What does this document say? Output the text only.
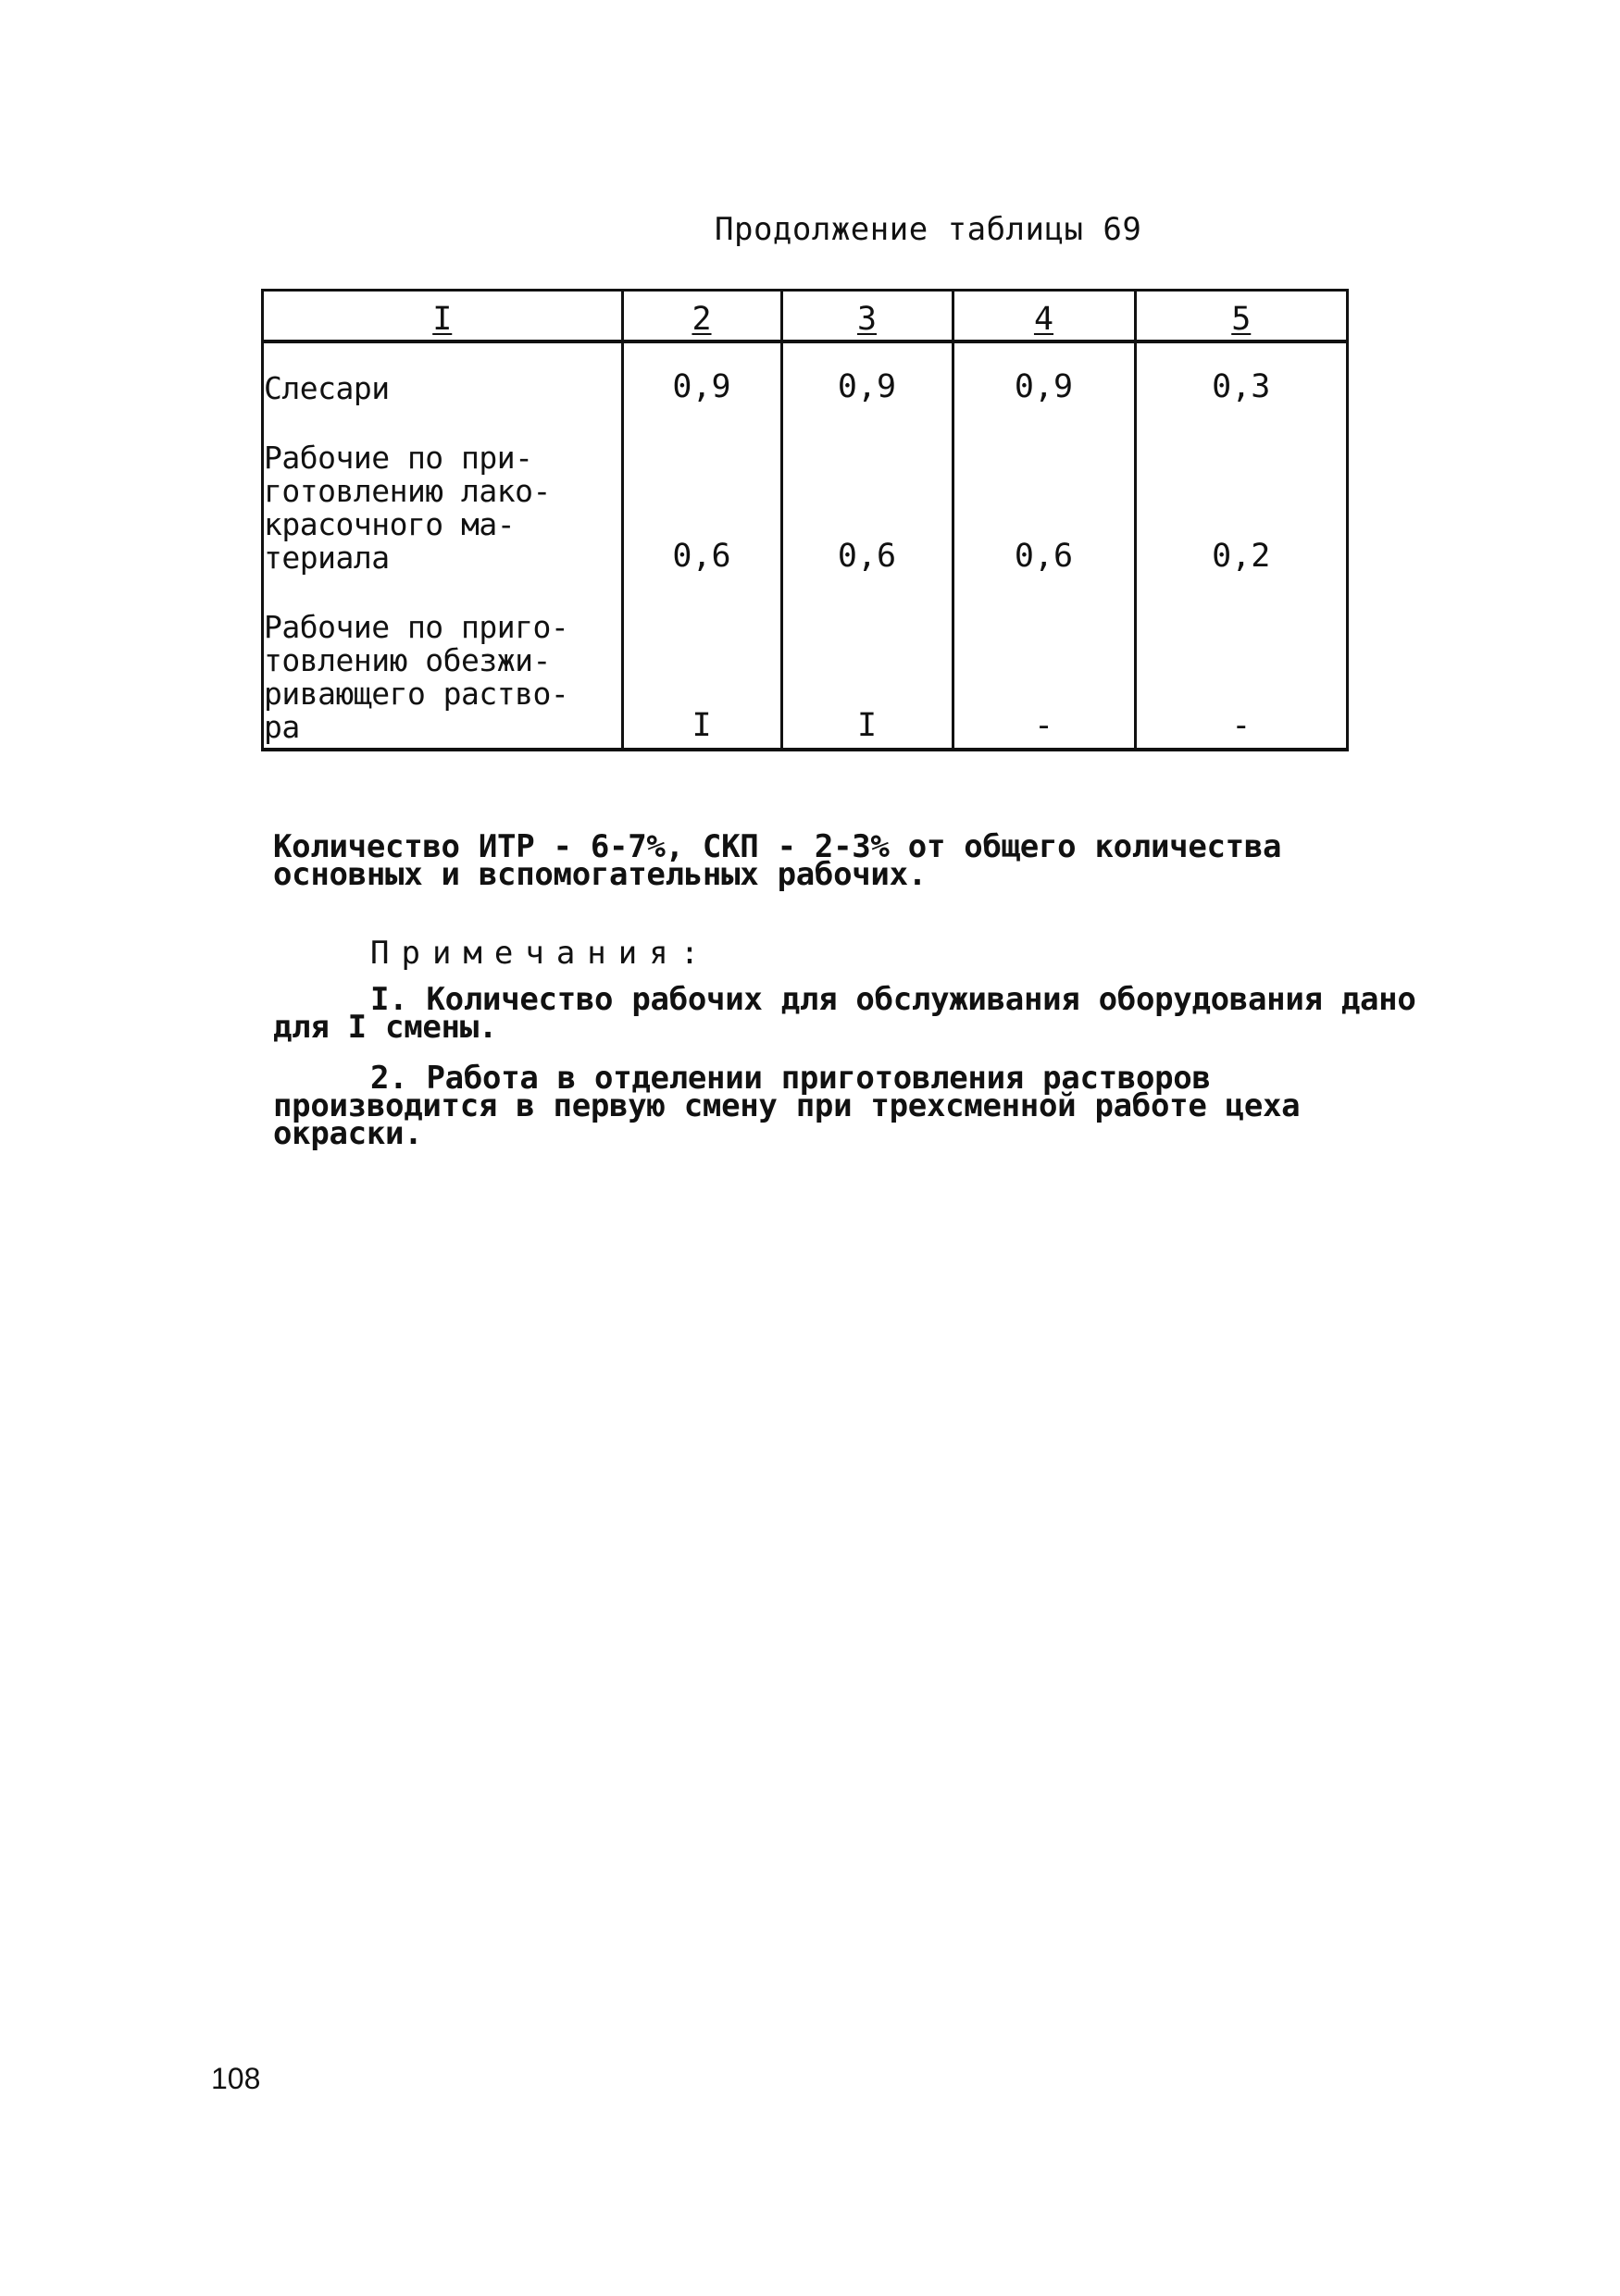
Продолжение таблицы 69
I	2	3	4	5
Слесари	0,9	0,9	0,9	0,3
Рабочие по при-
готовлению лако-
красочного ма-
териала	0,6	0,6	0,6	0,2
Рабочие по приго-
товлению обезжи-
ривающего раство-
ра	I	I	-	-
Количество ИТР - 6-7%, СКП - 2-3% от общего количества основных и вспомогательных рабочих.
Примечания:
I. Количество рабочих для обслуживания оборудования дано для I смены.
2. Работа в отделении приготовления растворов производится в первую смену при трехсменной работе цеха окраски.
108
